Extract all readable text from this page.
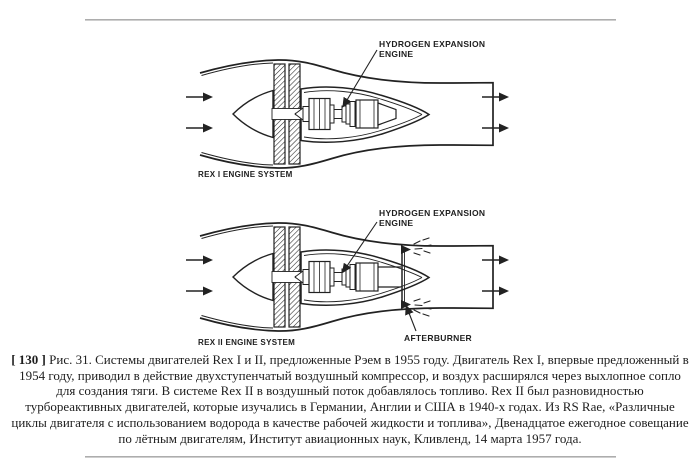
HYDROGEN EXPANSION
ENGINE
REX I ENGINE SYSTEM
HYDROGEN EXPANSION
ENGINE
AFTERBURNER
REX II ENGINE SYSTEM

[ 130 ] Рис. 31. Системы двигателей Rex I и II, предложенные Рэем в 1955 году. Двигатель Rex I, впервые предложенный в 1954 году, приводил в действие двухступенчатый воздушный компрессор, и воздух расширялся через выхлопное сопло для создания тяги. В системе Rex II в воздушный поток добавлялось топливо. Rex II был разновидностью турбореактивных двигателей, которые изучались в Германии, Англии и США в 1940-х годах. Из RS Rae, «Различные циклы двигателя с использованием водорода в качестве рабочей жидкости и топлива», Двенадцатое ежегодное совещание по лётным двигателям, Институт авиационных наук, Кливленд, 14 марта 1957 года.
